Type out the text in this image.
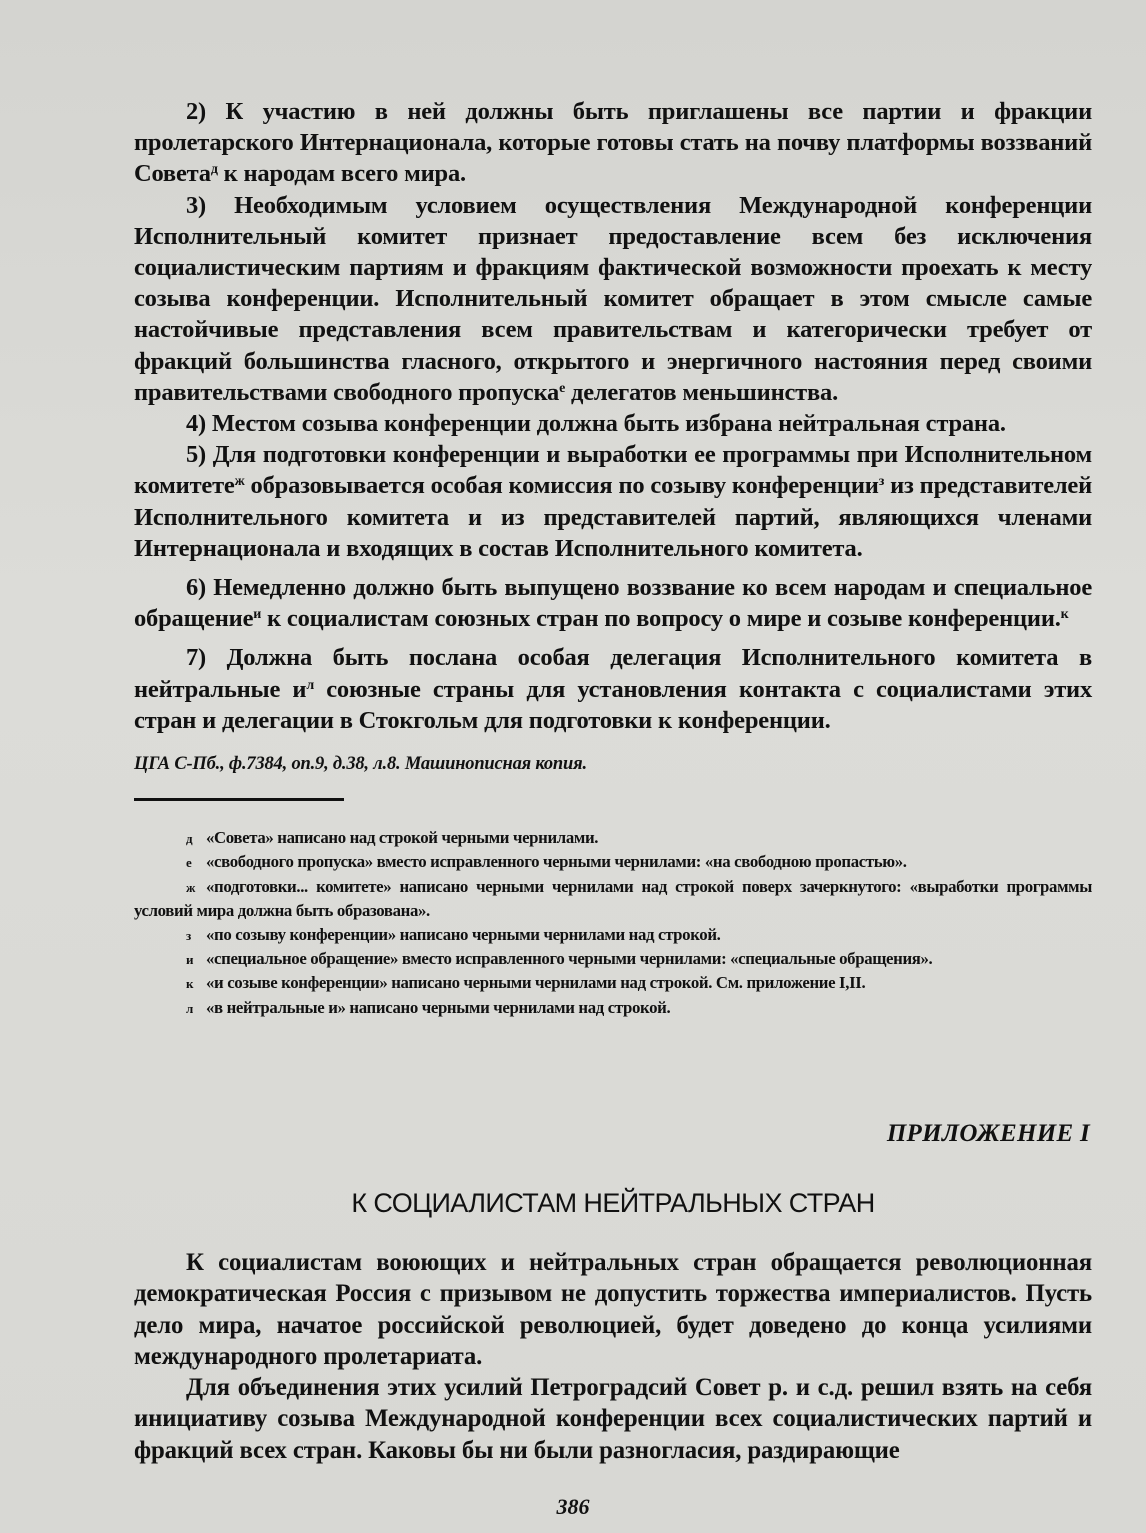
2) К участию в ней должны быть приглашены все партии и фракции пролетарского Интернационала, которые готовы стать на почву платформы воззваний Совета$^д$ к народам всего мира.

3) Необходимым условием осуществления Международной конференции Исполнительный комитет признает предоставление всем без исключения социалистическим партиям и фракциям фактической возможности проехать к месту созыва конференции. Исполнительный комитет обращает в этом смысле самые настойчивые представления всем правительствам и категорически требует от фракций большинства гласного, открытого и энергичного настояния перед своими правительствами свободного пропуска$^е$ делегатов меньшинства.

4) Местом созыва конференции должна быть избрана нейтральная страна.

5) Для подготовки конференции и выработки ее программы при Исполнительном комитете$^ж$ образовывается особая комиссия по созыву конференции$^з$ из представителей Исполнительного комитета и из представителей партий, являющихся членами Интернационала и входящих в состав Исполнительного комитета.

6) Немедленно должно быть выпущено воззвание ко всем народам и специальное обращение$^и$ к социалистам союзных стран по вопросу о мире и созыве конференции.$^к$

7) Должна быть послана особая делегация Исполнительного комитета в нейтральные $и^л$ союзные страны для установления контакта с социалистами этих стран и делегации в Стокгольм для подготовки к конференции.

ЦГА С-Пб., ф.7384, оп.9, д.38, л.8. Машинописная копия.

д «Совета» написано над строкой черными чернилами.

е «свободного пропуска» вместо исправленного черными чернилами: «на свободною пропастью».

ж «подготовки... комитете» написано черными чернилами над строкой поверх зачеркнутого: «выработки программы условий мира должна быть образована».

з «по созыву конференции» написано черными чернилами над строкой.

и «специальное обращение» вместо исправленного черными чернилами: «специальные обращения».

к «и созыве конференции» написано черными чернилами над строкой. См. приложение I,II.

л «в нейтральные и» написано черными чернилами над строкой.

ПРИЛОЖЕНИЕ I
К СОЦИАЛИСТАМ НЕЙТРАЛЬНЫХ СТРАН

К социалистам воюющих и нейтральных стран обращается революционная демократическая Россия с призывом не допустить торжества империалистов. Пусть дело мира, начатое российской революцией, будет доведено до конца усилиями международного пролетариата.

Для объединения этих усилий Петроградсий Совет р. и с.д. решил взять на себя инициативу созыва Международной конференции всех социалистических партий и фракций всех стран. Каковы бы ни были разногласия, раздирающие

386
